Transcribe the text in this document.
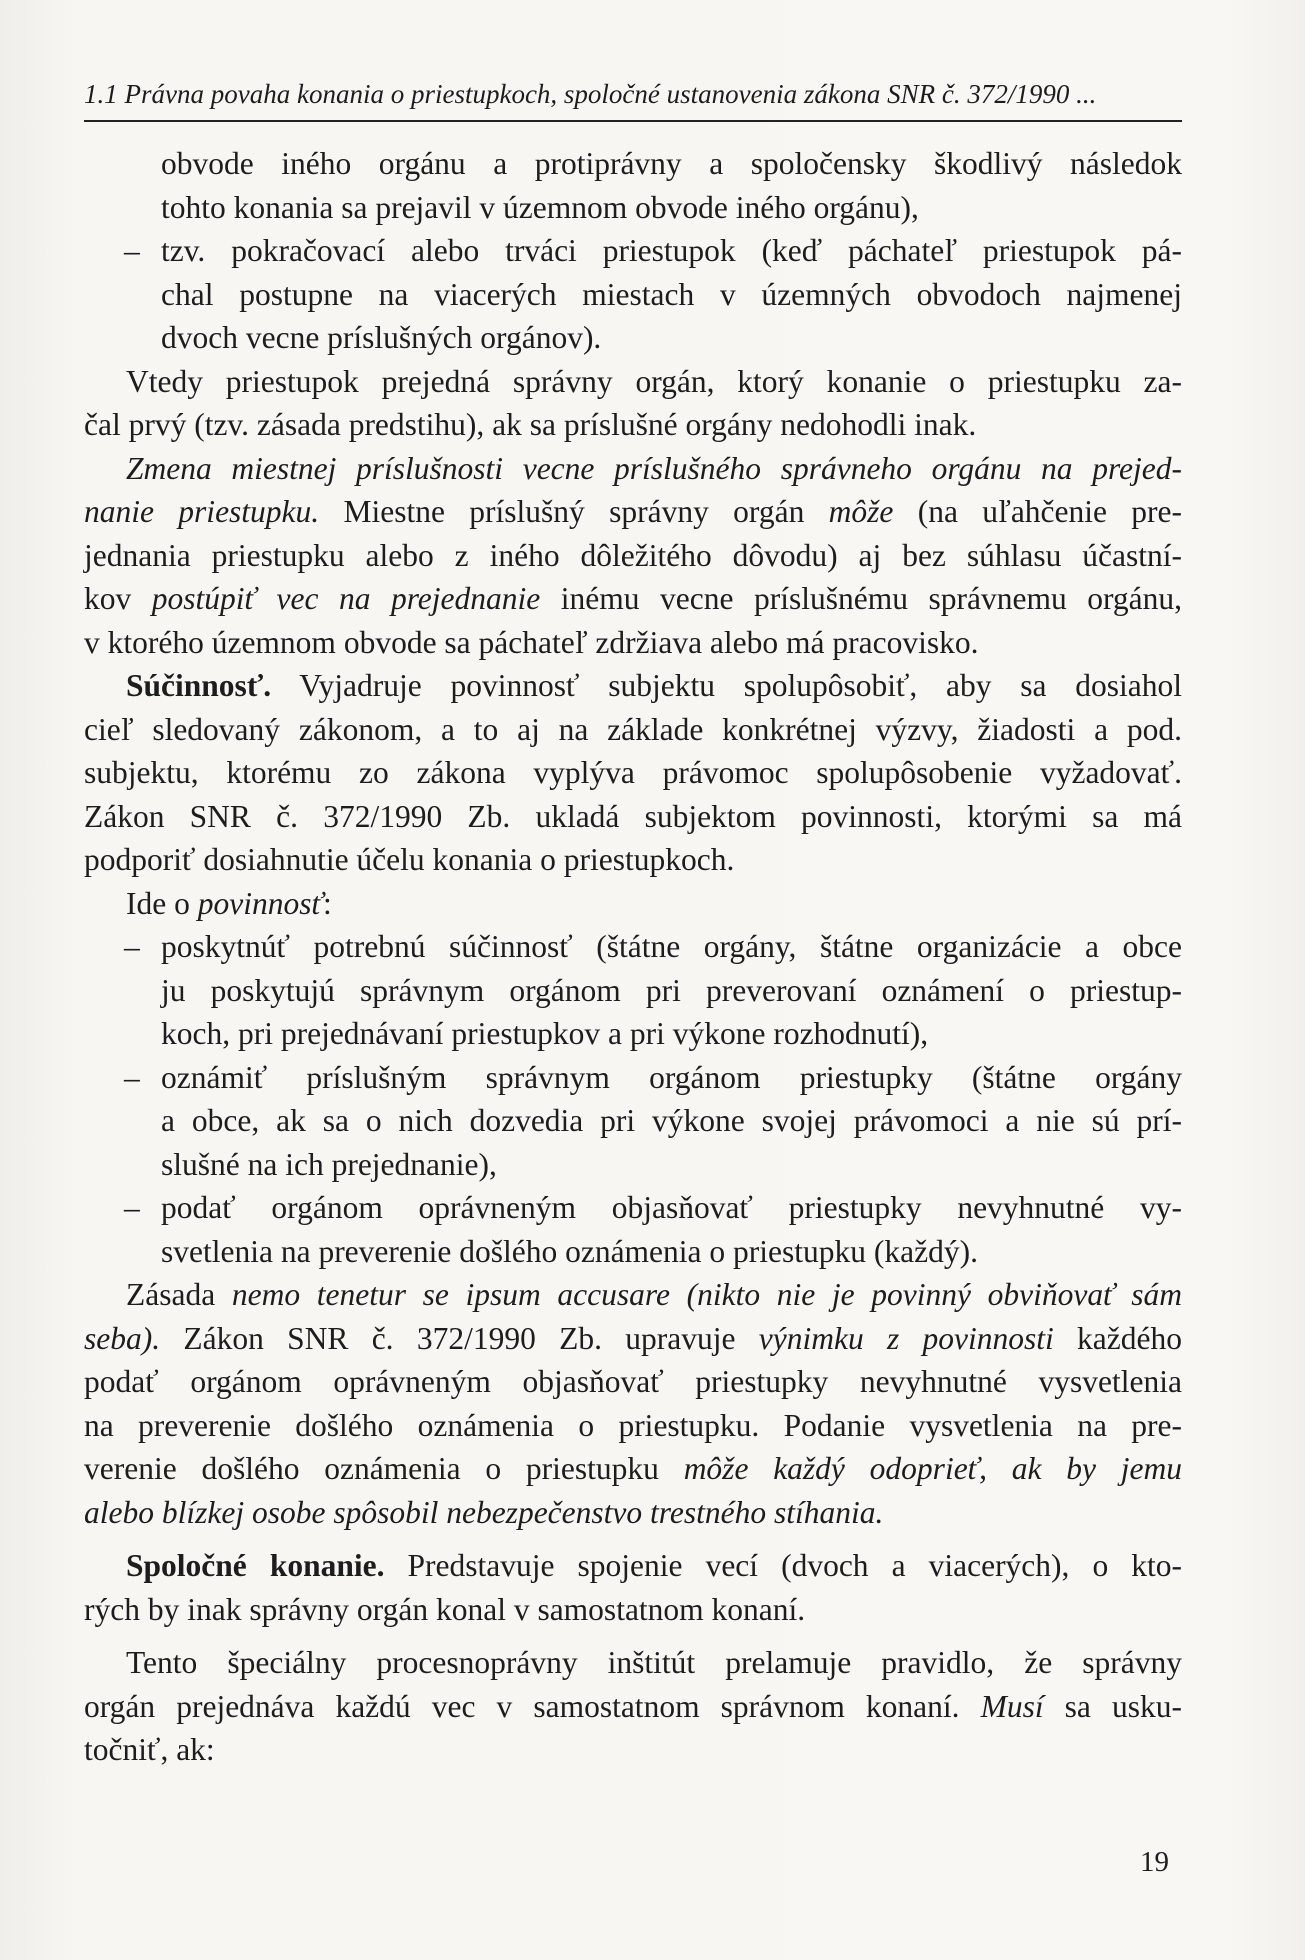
1.1 Právna povaha konania o priestupkoch, spoločné ustanovenia zákona SNR č. 372/1990 ...
obvode iného orgánu a protiprávny a spoločensky škodlivý následok
tohto konania sa prejavil v územnom obvode iného orgánu),
– tzv. pokračovací alebo trváci priestupok (keď páchateľ priestupok pá-
chal postupne na viacerých miestach v územných obvodoch najmenej
dvoch vecne príslušných orgánov).
Vtedy priestupok prejedná správny orgán, ktorý konanie o priestupku za-
čal prvý (tzv. zásada predstihu), ak sa príslušné orgány nedohodli inak.
Zmena miestnej príslušnosti vecne príslušného správneho orgánu na prejed-
nanie priestupku. Miestne príslušný správny orgán môže (na uľahčenie pre-
jednania priestupku alebo z iného dôležitého dôvodu) aj bez súhlasu účastní-
kov postúpiť vec na prejednanie inému vecne príslušnému správnemu orgánu,
v ktorého územnom obvode sa páchateľ zdržiava alebo má pracovisko.
Súčinnosť. Vyjadruje povinnosť subjektu spolupôsobiť, aby sa dosiahol
cieľ sledovaný zákonom, a to aj na základe konkrétnej výzvy, žiadosti a pod.
subjektu, ktorému zo zákona vyplýva právomoc spolupôsobenie vyžadovať.
Zákon SNR č. 372/1990 Zb. ukladá subjektom povinnosti, ktorými sa má
podporiť dosiahnutie účelu konania o priestupkoch.
Ide o povinnosť:
– poskytnúť potrebnú súčinnosť (štátne orgány, štátne organizácie a obce
ju poskytujú správnym orgánom pri preverovaní oznámení o priestup-
koch, pri prejednávaní priestupkov a pri výkone rozhodnutí),
– oznámiť príslušným správnym orgánom priestupky (štátne orgány
a obce, ak sa o nich dozvedia pri výkone svojej právomoci a nie sú prí-
slušné na ich prejednanie),
– podať orgánom oprávneným objasňovať priestupky nevyhnutné vy-
svetlenia na preverenie došlého oznámenia o priestupku (každý).
Zásada nemo tenetur se ipsum accusare (nikto nie je povinný obviňovať sám
seba). Zákon SNR č. 372/1990 Zb. upravuje výnimku z povinnosti každého
podať orgánom oprávneným objasňovať priestupky nevyhnutné vysvetlenia
na preverenie došlého oznámenia o priestupku. Podanie vysvetlenia na pre-
verenie došlého oznámenia o priestupku môže každý odoprieť, ak by jemu
alebo blízkej osobe spôsobil nebezpečenstvo trestného stíhania.
Spoločné konanie. Predstavuje spojenie vecí (dvoch a viacerých), o kto-
rých by inak správny orgán konal v samostatnom konaní.
Tento špeciálny procesnoprávny inštitút prelamuje pravidlo, že správny
orgán prejednáva každú vec v samostatnom správnom konaní. Musí sa usku-
točniť, ak:
19
